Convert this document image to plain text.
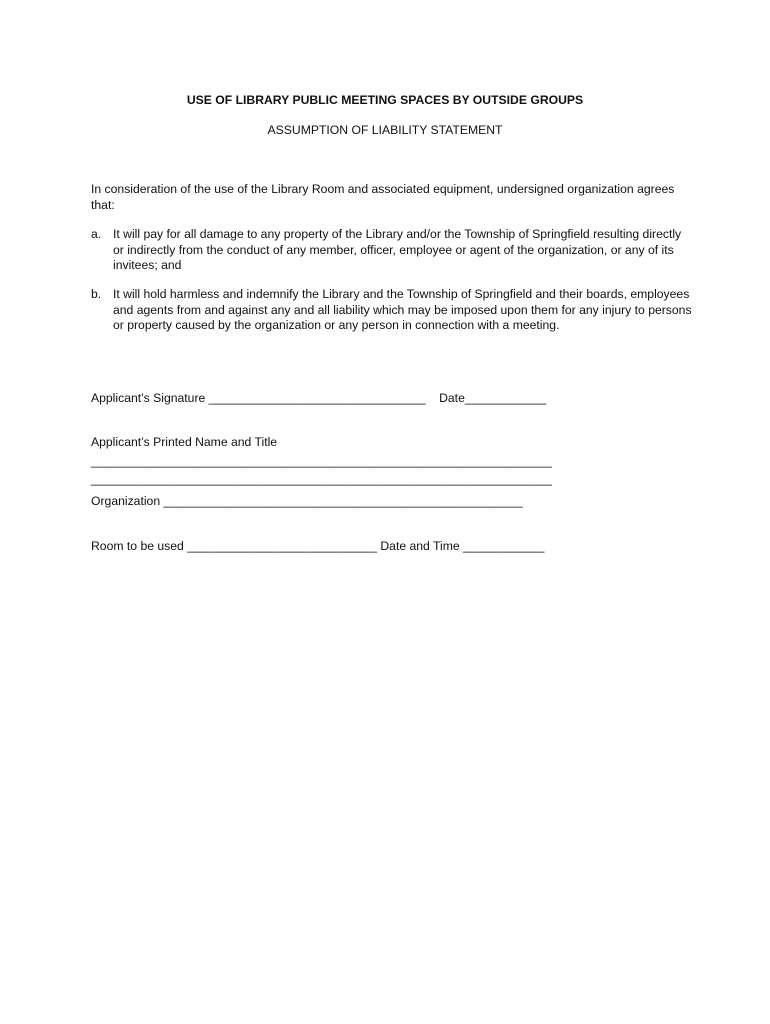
USE OF LIBRARY PUBLIC MEETING SPACES BY OUTSIDE GROUPS
ASSUMPTION OF LIABILITY STATEMENT
In consideration of the use of the Library Room and associated equipment, undersigned organization agrees that:
a. It will pay for all damage to any property of the Library and/or the Township of Springfield resulting directly or indirectly from the conduct of any member, officer, employee or agent of the organization, or any of its invitees; and
b. It will hold harmless and indemnify the Library and the Township of Springfield and their boards, employees and agents from and against any and all liability which may be imposed upon them for any injury to persons or property caused by the organization or any person in connection with a meeting.
Applicant’s Signature ________________________________    Date____________
Applicant’s Printed Name and Title
____________________________________________________________________
____________________________________________________________________
Organization _____________________________________________________
Room to be used ____________________________ Date and Time ____________
